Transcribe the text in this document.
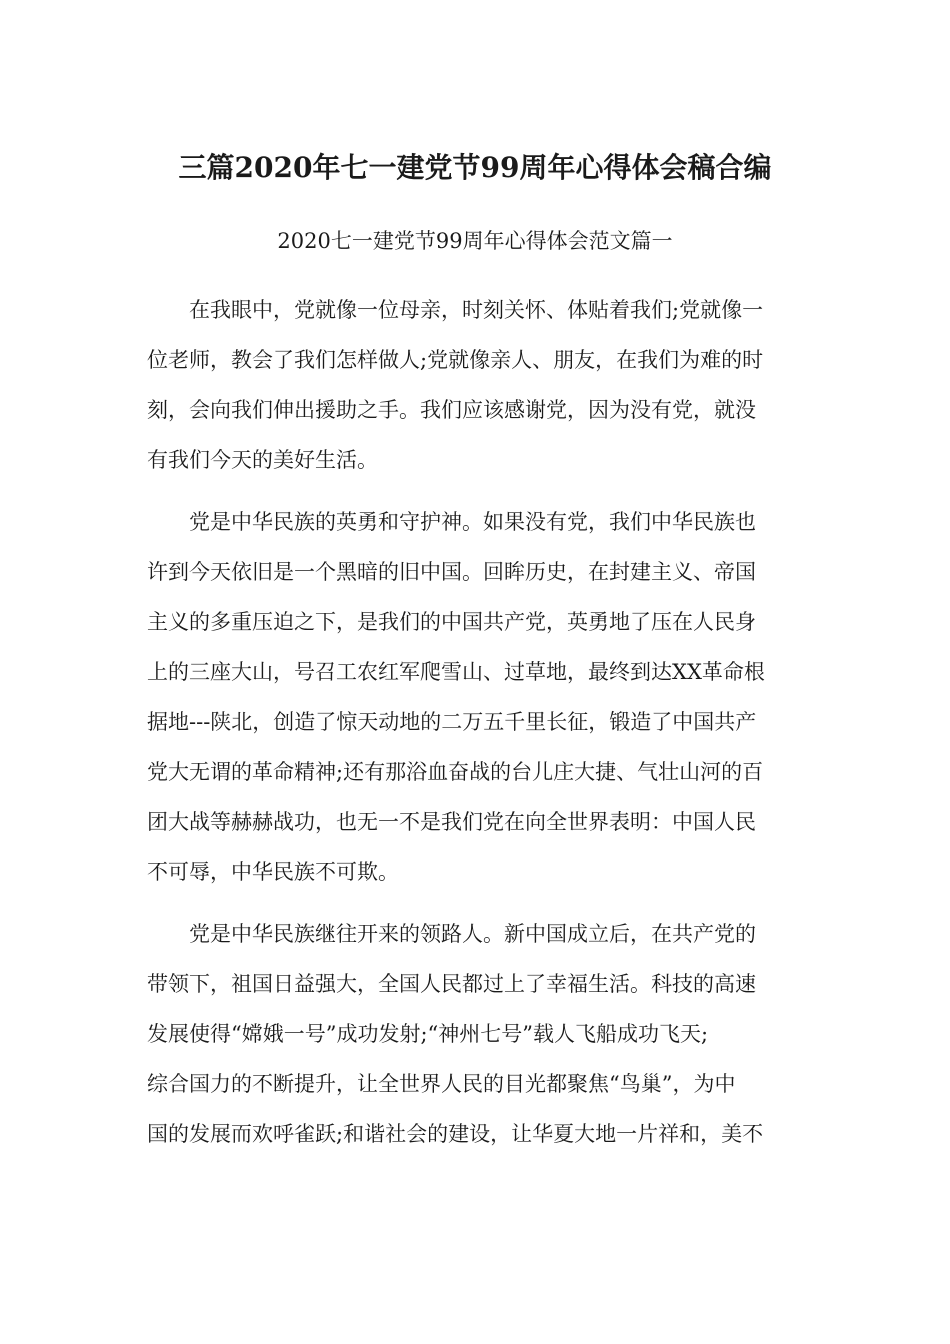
三篇2020年七一建党节99周年心得体会稿合编
2020七一建党节99周年心得体会范文篇一
在我眼中，党就像一位母亲，时刻关怀、体贴着我们;党就像一
位老师，教会了我们怎样做人;党就像亲人、朋友，在我们为难的时
刻，会向我们伸出援助之手。我们应该感谢党，因为没有党，就没
有我们今天的美好生活。
党是中华民族的英勇和守护神。如果没有党，我们中华民族也
许到今天依旧是一个黑暗的旧中国。回眸历史，在封建主义、帝国
主义的多重压迫之下，是我们的中国共产党，英勇地了压在人民身
上的三座大山，号召工农红军爬雪山、过草地，最终到达XX革命根
据地---陕北，创造了惊天动地的二万五千里长征，锻造了中国共产
党大无谓的革命精神;还有那浴血奋战的台儿庄大捷、气壮山河的百
团大战等赫赫战功，也无一不是我们党在向全世界表明：中国人民
不可辱，中华民族不可欺。
党是中华民族继往开来的领路人。新中国成立后，在共产党的
带领下，祖国日益强大，全国人民都过上了幸福生活。科技的高速
发展使得“嫦娥一号”成功发射;“神州七号”载人飞船成功飞天;
综合国力的不断提升，让全世界人民的目光都聚焦“鸟巢”，为中
国的发展而欢呼雀跃;和谐社会的建设，让华夏大地一片祥和，美不
